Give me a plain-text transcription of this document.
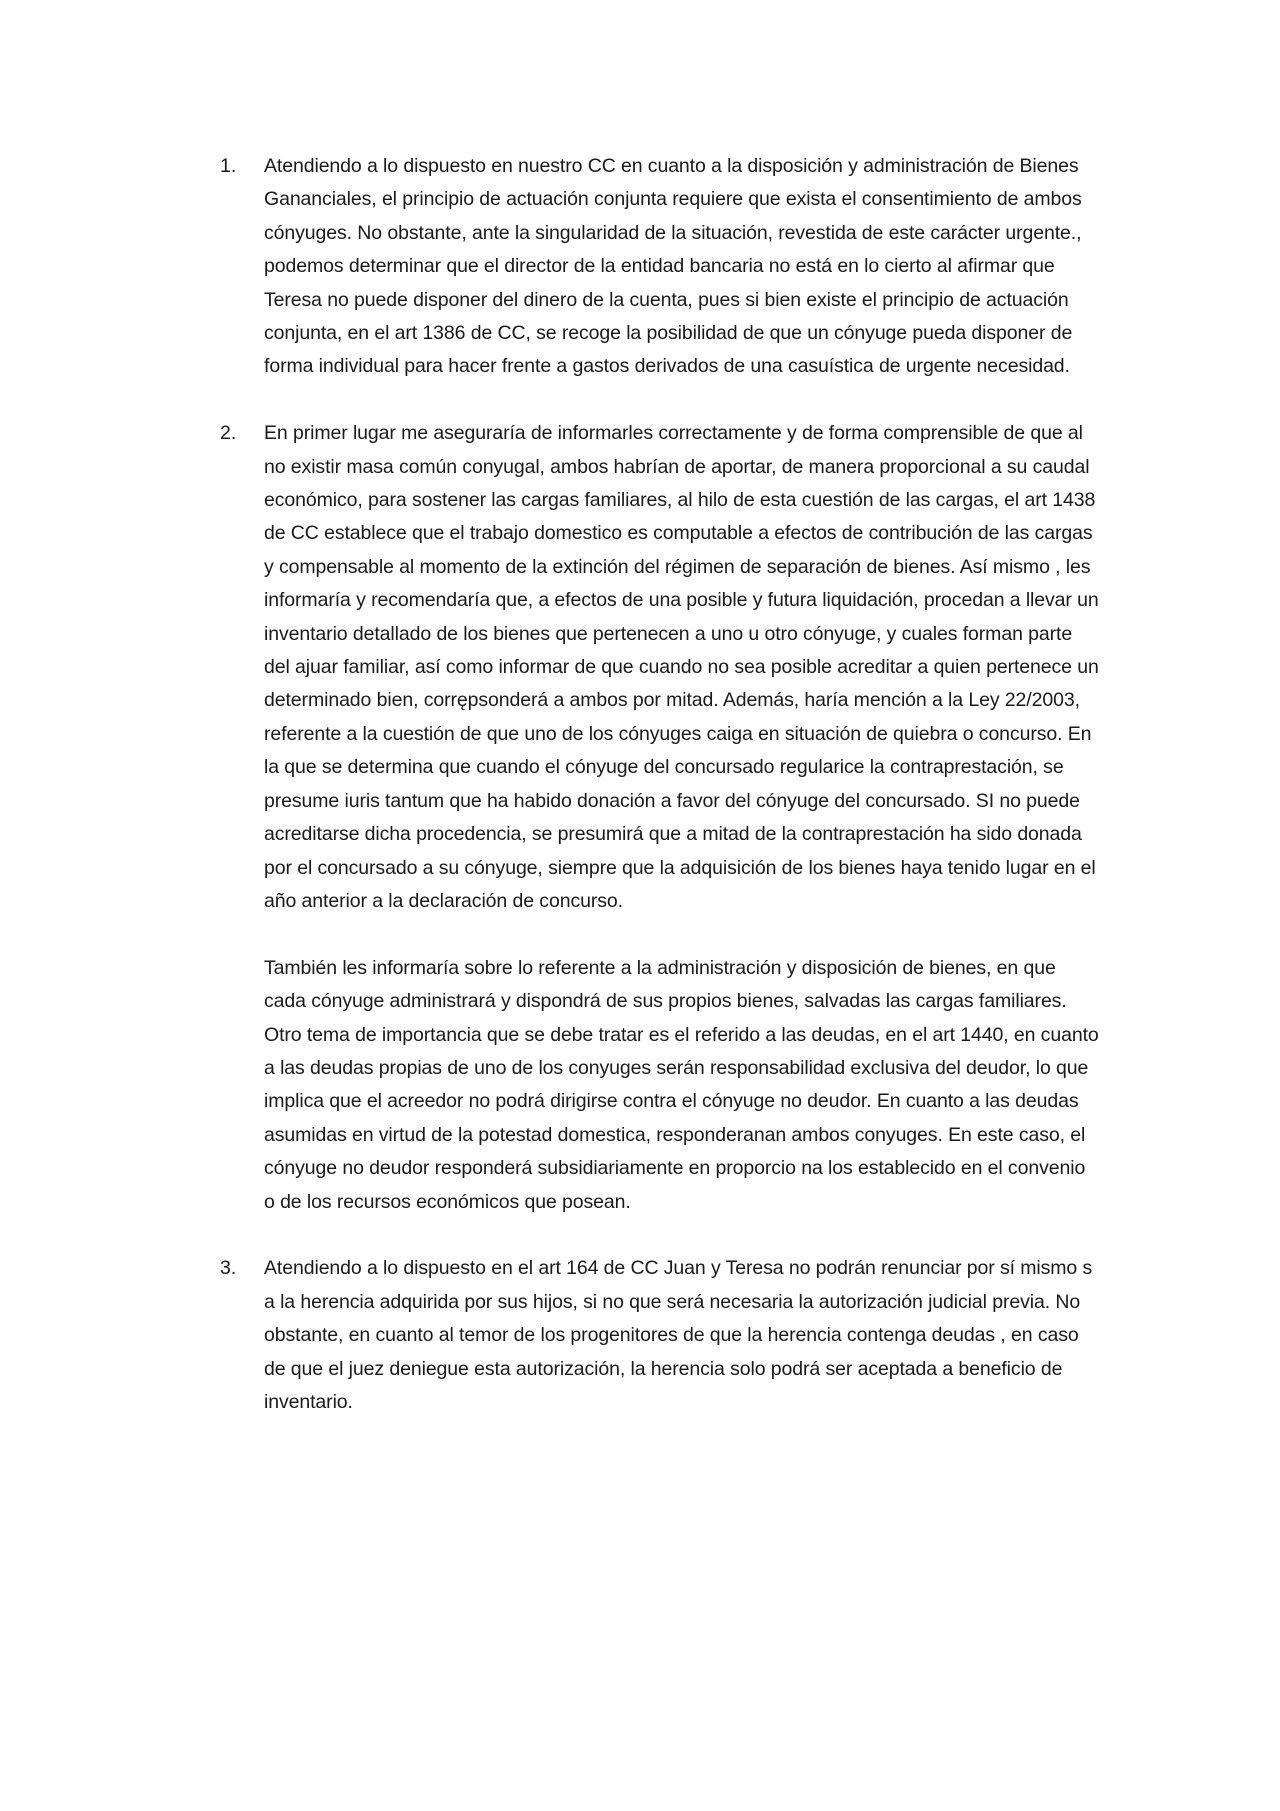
1. Atendiendo a lo dispuesto en nuestro CC en cuanto a la disposición y administración de Bienes Gananciales, el principio de actuación conjunta requiere que exista el consentimiento de ambos cónyuges. No obstante, ante la singularidad de la situación, revestida de este carácter urgente., podemos determinar que el director de la entidad bancaria no está en lo cierto al afirmar que Teresa no puede disponer del dinero de la cuenta, pues si bien existe el principio de actuación conjunta, en el art 1386 de CC, se recoge la posibilidad de que un cónyuge pueda disponer de forma individual para hacer frente a gastos derivados de una casuística de urgente necesidad.

2. En primer lugar me aseguraría de informarles correctamente y de forma comprensible de que al no existir masa común conyugal, ambos habrían de aportar, de manera proporcional a su caudal económico, para sostener las cargas familiares, al hilo de esta cuestión de las cargas, el art 1438 de CC establece que el trabajo domestico es computable a efectos de contribución de las cargas y compensable al momento de la extinción del régimen de separación de bienes. Así mismo , les informaría y recomendaría que, a efectos de una posible y futura liquidación, procedan a llevar un inventario detallado de los bienes que pertenecen a uno u otro cónyuge, y cuales forman parte del ajuar familiar, así como informar de que cuando no sea posible acreditar a quien pertenece un determinado bien, corrępsonderá a ambos por mitad. Además, haría mención a la Ley 22/2003, referente a la cuestión de que uno de los cónyuges caiga en situación de quiebra o concurso. En la que se determina que cuando el cónyuge del concursado regularice la contraprestación, se presume iuris tantum que ha habido donación a favor del cónyuge del concursado. SI no puede acreditarse dicha procedencia, se presumirá que a mitad de la contraprestación ha sido donada por el concursado a su cónyuge, siempre que la adquisición de los bienes haya tenido lugar en el año anterior a la declaración de concurso.

También les informaría sobre lo referente a la administración y disposición de bienes, en que cada cónyuge administrará y dispondrá de sus propios bienes, salvadas las cargas familiares.

Otro tema de importancia que se debe tratar es el referido a las deudas, en el art 1440, en cuanto a las deudas propias de uno de los conyuges serán responsabilidad exclusiva del deudor, lo que implica que el acreedor no podrá dirigirse contra el cónyuge no deudor. En cuanto a las deudas asumidas en virtud de la potestad domestica, responderanan ambos conyuges. En este caso, el cónyuge no deudor responderá subsidiariamente en proporcio na los establecido en el convenio o de los recursos económicos que posean.

3. Atendiendo a lo dispuesto en el art 164 de CC Juan y Teresa no podrán renunciar por sí mismo s a la herencia adquirida por sus hijos, si no que será necesaria la autorización judicial previa. No obstante, en cuanto al temor de los progenitores de que la herencia contenga deudas , en caso de que el juez deniegue esta autorización, la herencia solo podrá ser aceptada a beneficio de inventario.
